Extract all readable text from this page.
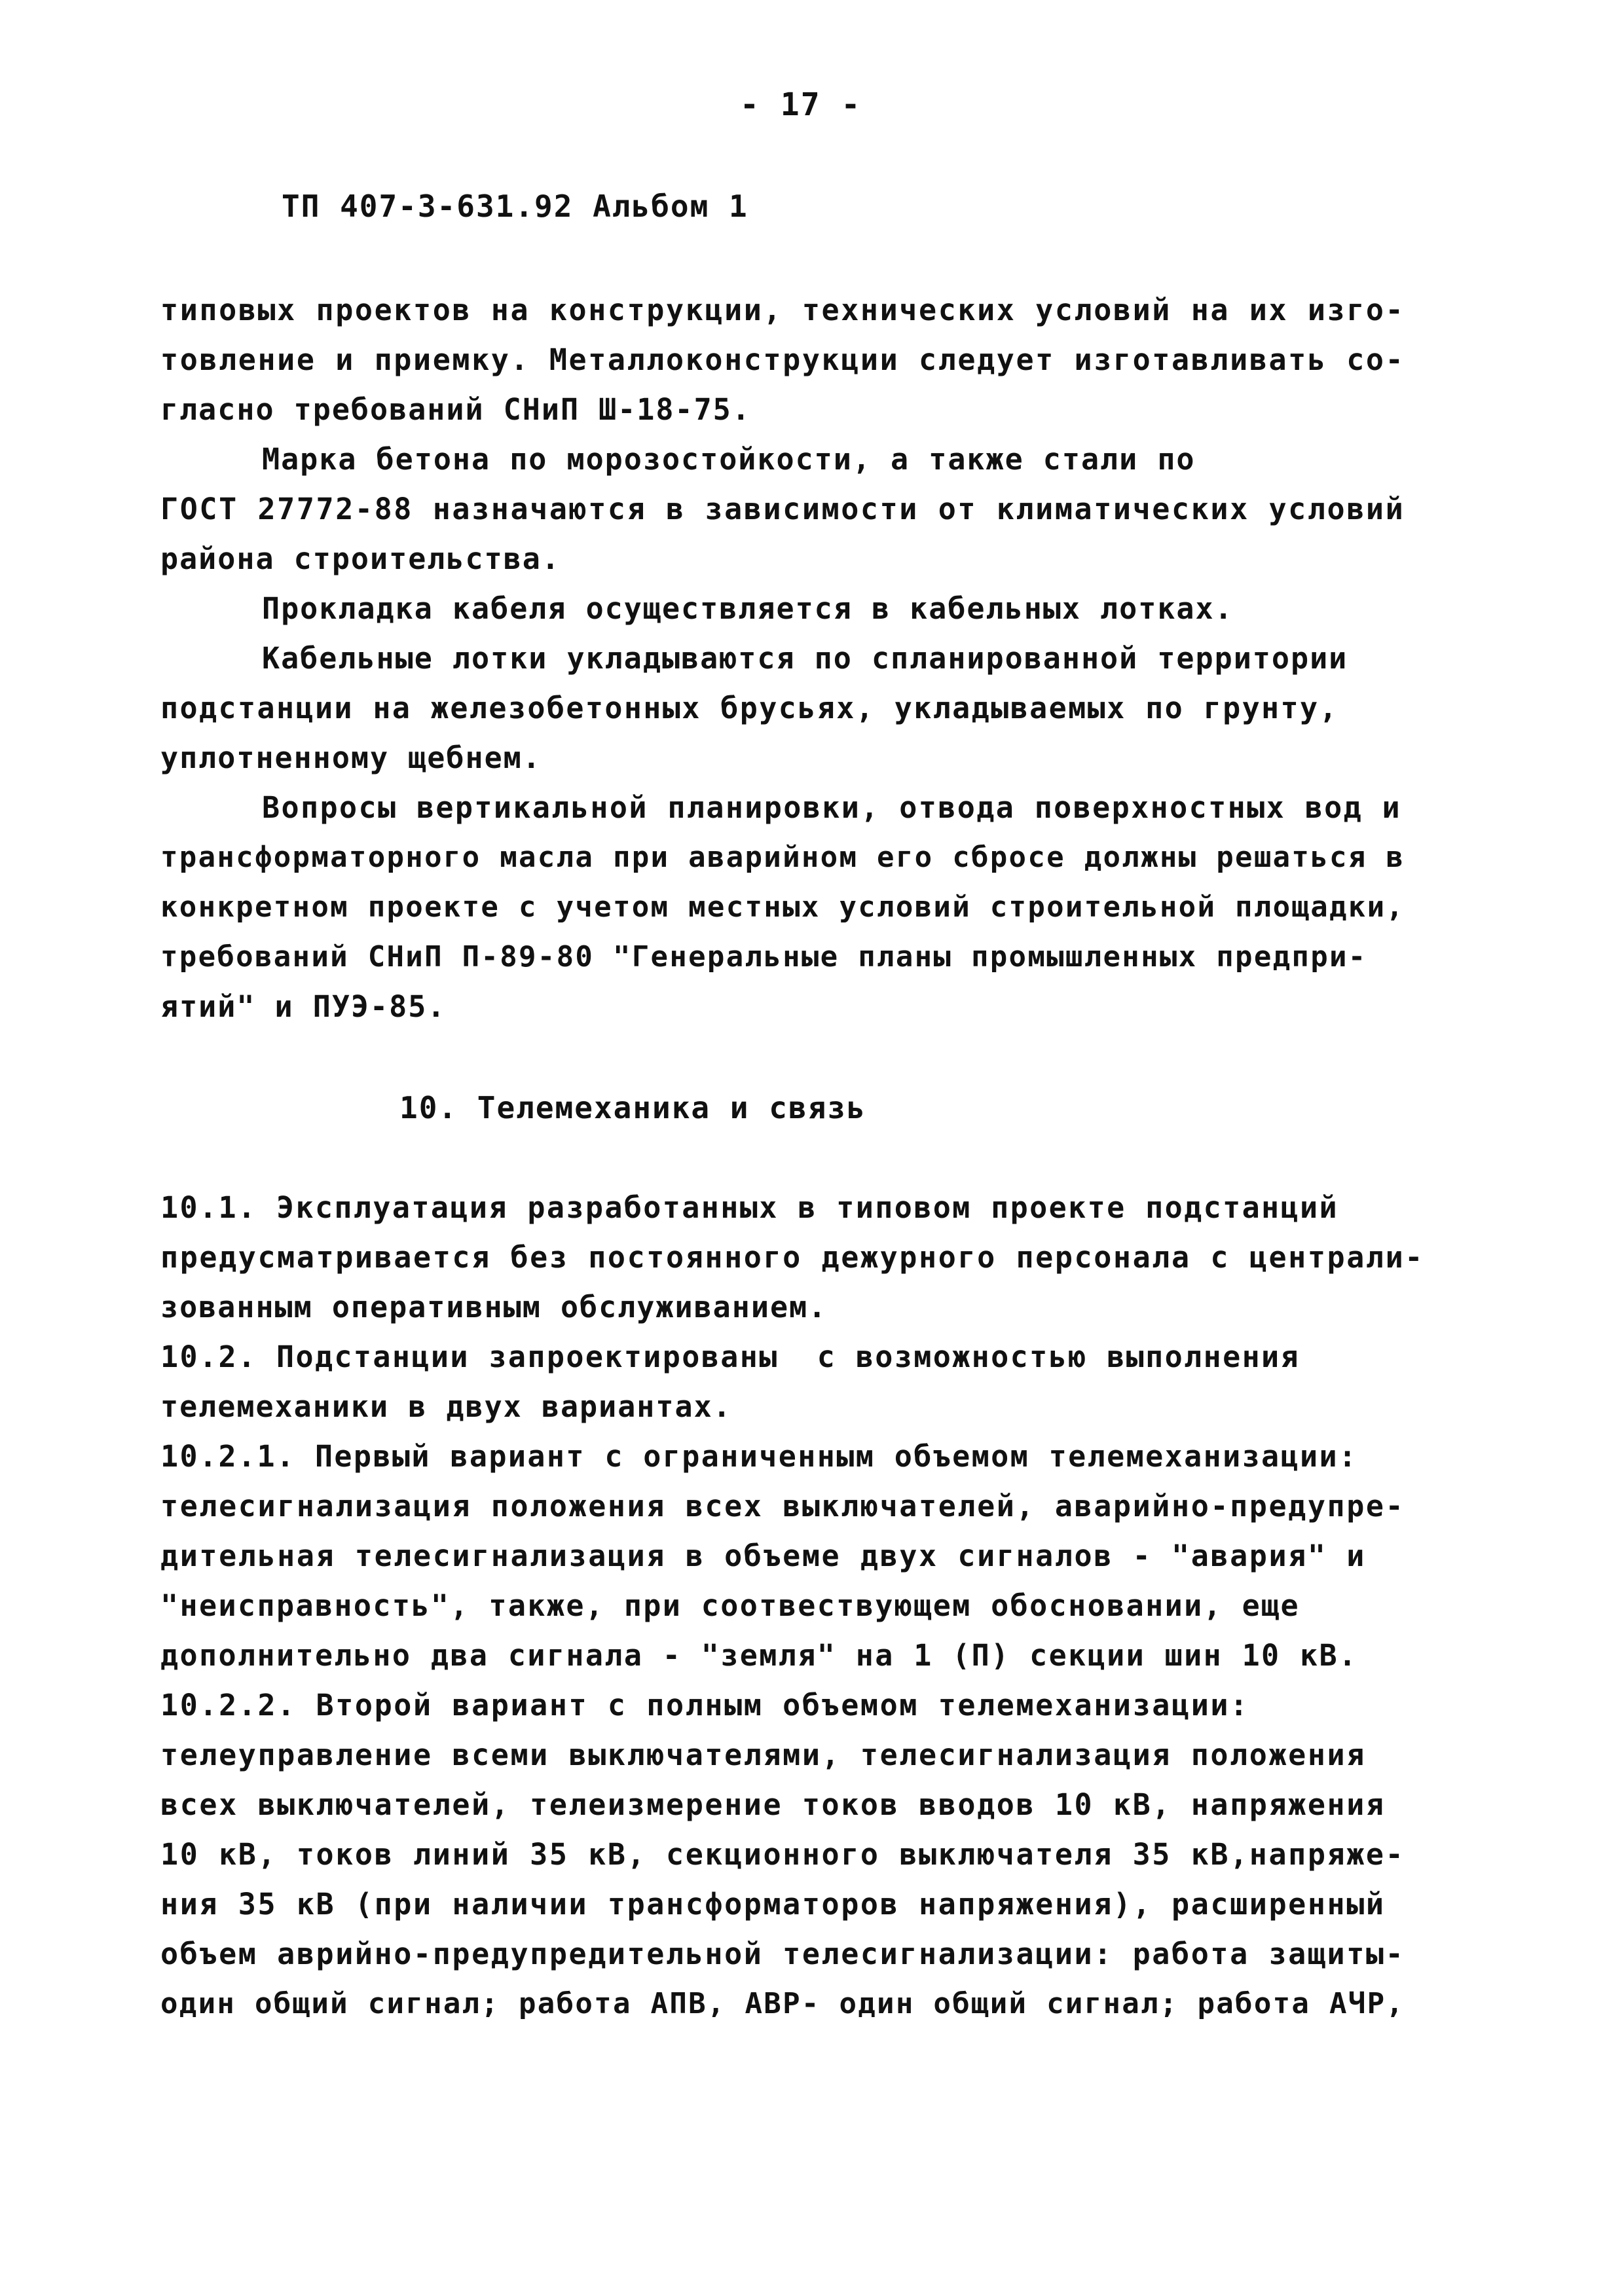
- 17 -
ТП 407-3-631.92 Альбом 1
типовых проектов на конструкции, технических условий на их изго-
товление и приемку. Металлоконструкции следует изготавливать со-
гласно требований СНиП Ш-18-75.
Марка бетона по морозостойкости, а также стали по
ГОСТ 27772-88 назначаются в зависимости от климатических условий
района строительства.
Прокладка кабеля осуществляется в кабельных лотках.
Кабельные лотки укладываются по спланированной территории
подстанции на железобетонных брусьях, укладываемых по грунту,
уплотненному щебнем.
Вопросы вертикальной планировки, отвода поверхностных вод и
трансформаторного масла при аварийном его сбросе должны решаться в
конкретном проекте с учетом местных условий строительной площадки,
требований СНиП П-89-80 "Генеральные планы промышленных предпри-
ятий" и ПУЭ-85.
10. Телемеханика и связь
10.1. Эксплуатация разработанных в типовом проекте подстанций
предусматривается без постоянного дежурного персонала с централи-
зованным оперативным обслуживанием.
10.2. Подстанции запроектированы  с возможностью выполнения
телемеханики в двух вариантах.
10.2.1. Первый вариант с ограниченным объемом телемеханизации:
телесигнализация положения всех выключателей, аварийно-предупре-
дительная телесигнализация в объеме двух сигналов - "авария" и
"неисправность", также, при соотвествующем обосновании, еще
дополнительно два сигнала - "земля" на 1 (П) секции шин 10 кВ.
10.2.2. Второй вариант с полным объемом телемеханизации:
телеуправление всеми выключателями, телесигнализация положения
всех выключателей, телеизмерение токов вводов 10 кВ, напряжения
10 кВ, токов линий 35 кВ, секционного выключателя 35 кВ,напряже-
ния 35 кВ (при наличии трансформаторов напряжения), расширенный
объем аврийно-предупредительной телесигнализации: работа защиты-
один общий сигнал; работа АПВ, АВР- один общий сигнал; работа АЧР,
